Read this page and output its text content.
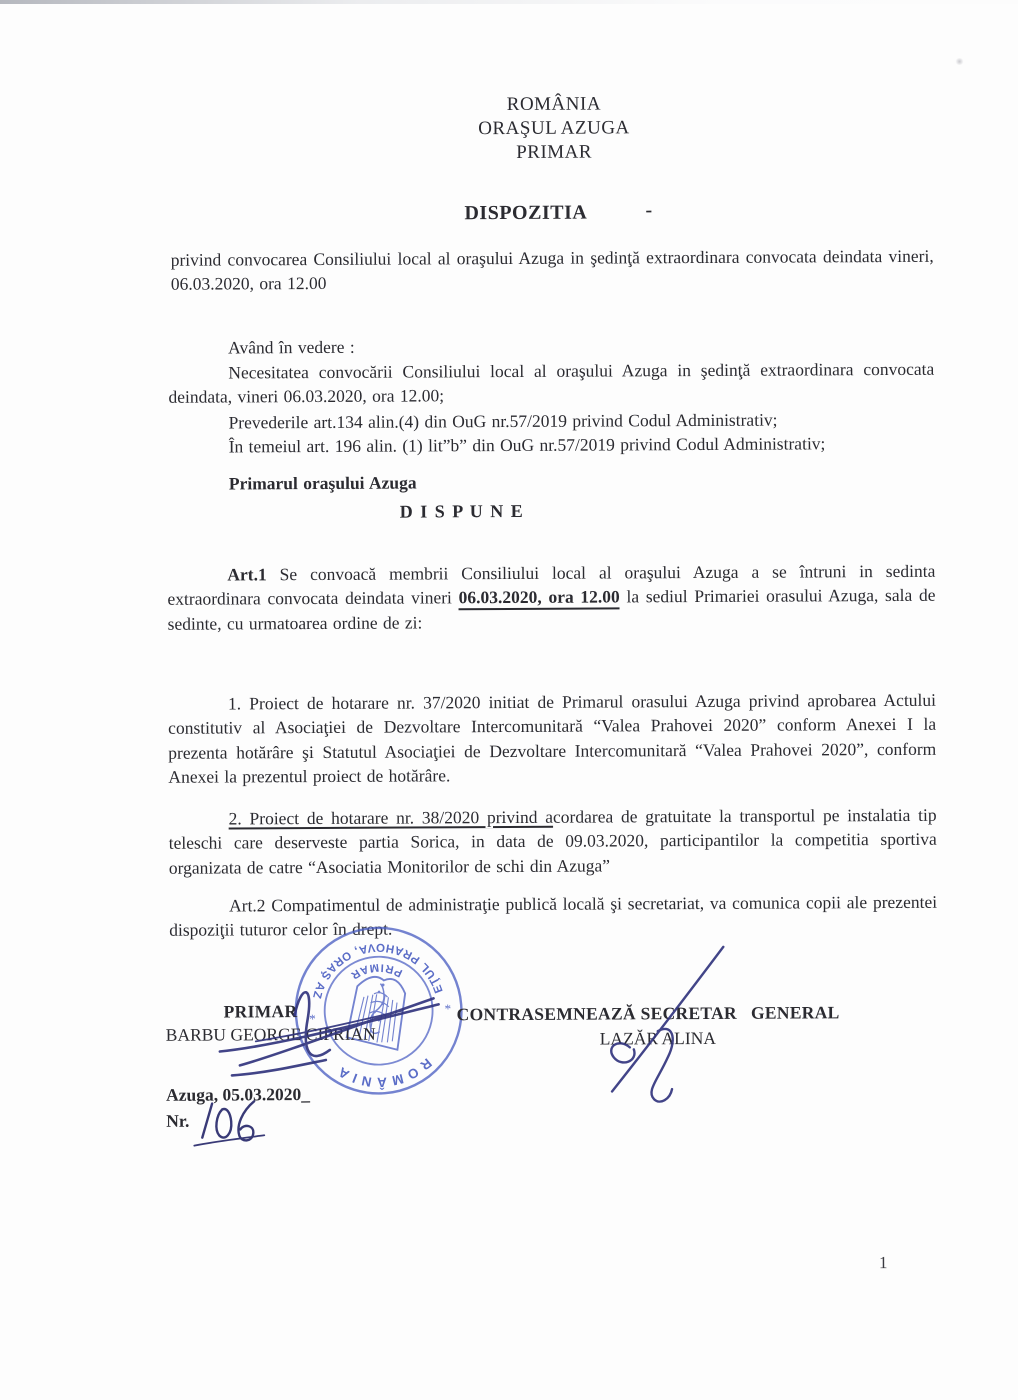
ROMÂNIA
ORAŞUL AZUGA
PRIMAR
DISPOZITIA	-

privind convocarea Consiliului local al oraşului Azuga in şedinţă extraordinara convocata deindata vineri, 06.03.2020, ora 12.00

Având în vedere :

Necesitatea convocării Consiliului local al oraşului Azuga in şedinţă extraordinara convocata deindata, vineri 06.03.2020, ora 12.00;

Prevederile art.134 alin.(4) din OuG nr.57/2019 privind Codul Administrativ;

În temeiul art. 196 alin. (1) lit”b” din OuG nr.57/2019 privind Codul Administrativ;

Primarul oraşului Azuga

D I S P U N E

Art.1 Se convoacă membrii Consiliului local al oraşului Azuga a se întruni in sedinta extraordinara convocata deindata vineri 06.03.2020, ora 12.00 la sediul Primariei orasului Azuga, sala de sedinte, cu urmatoarea ordine de zi:

1. Proiect de hotarare nr. 37/2020 initiat de Primarul orasului Azuga privind aprobarea Actului constitutiv al Asociaţiei de Dezvoltare Intercomunitară “Valea Prahovei 2020” conform Anexei I la prezenta hotărâre şi Statutul Asociaţiei de Dezvoltare Intercomunitară “Valea Prahovei 2020”, conform Anexei la prezentul proiect de hotărâre.

2. Proiect de hotarare nr. 38/2020 privind acordarea de gratuitate la transportul pe instalatia tip teleschi care deserveste partia Sorica, in data de 09.03.2020, participantilor la competitia sportiva organizata de catre “Asociatia Monitorilor de schi din Azuga”

Art.2 Compatimentul de administraţie publică locală şi secretariat, va comunica copii ale prezentei dispoziţii tuturor celor în drept.

ROMÂNIA
JUDEŢUL PRAHOVA, ORAŞ AZUGA
PRIMAR
*
*
PRIMAR
BARBU GEORGE CIPRIAN
CONTRASEMNEAZĂ SECRETAR   GENERAL
LAZĂR ALINA
Azuga, 05.03.2020_
Nr.
1
